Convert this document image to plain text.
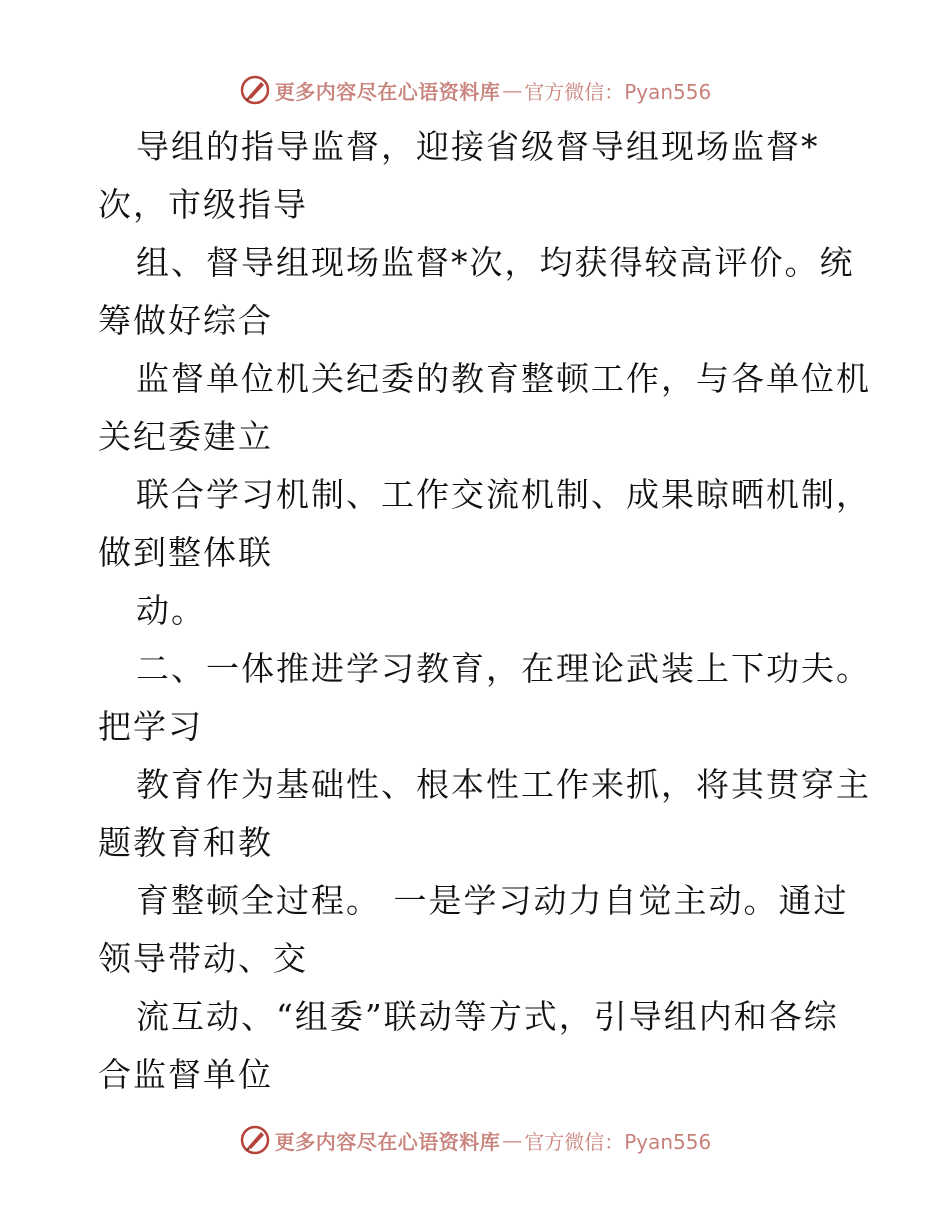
更多内容尽在心语资料库 — 官方微信：Pyan556
导组的指导监督，迎接省级督导组现场监督*
次，市级指导
组、督导组现场监督*次，均获得较高评价。统
筹做好综合
监督单位机关纪委的教育整顿工作，与各单位机
关纪委建立
联合学习机制、工作交流机制、成果晾晒机制，
做到整体联
动。
二、一体推进学习教育，在理论武装上下功夫。
把学习
教育作为基础性、根本性工作来抓，将其贯穿主
题教育和教
育整顿全过程。 一是学习动力自觉主动。通过
领导带动、交
流互动、“组委”联动等方式，引导组内和各综
合监督单位
更多内容尽在心语资料库 — 官方微信：Pyan556
